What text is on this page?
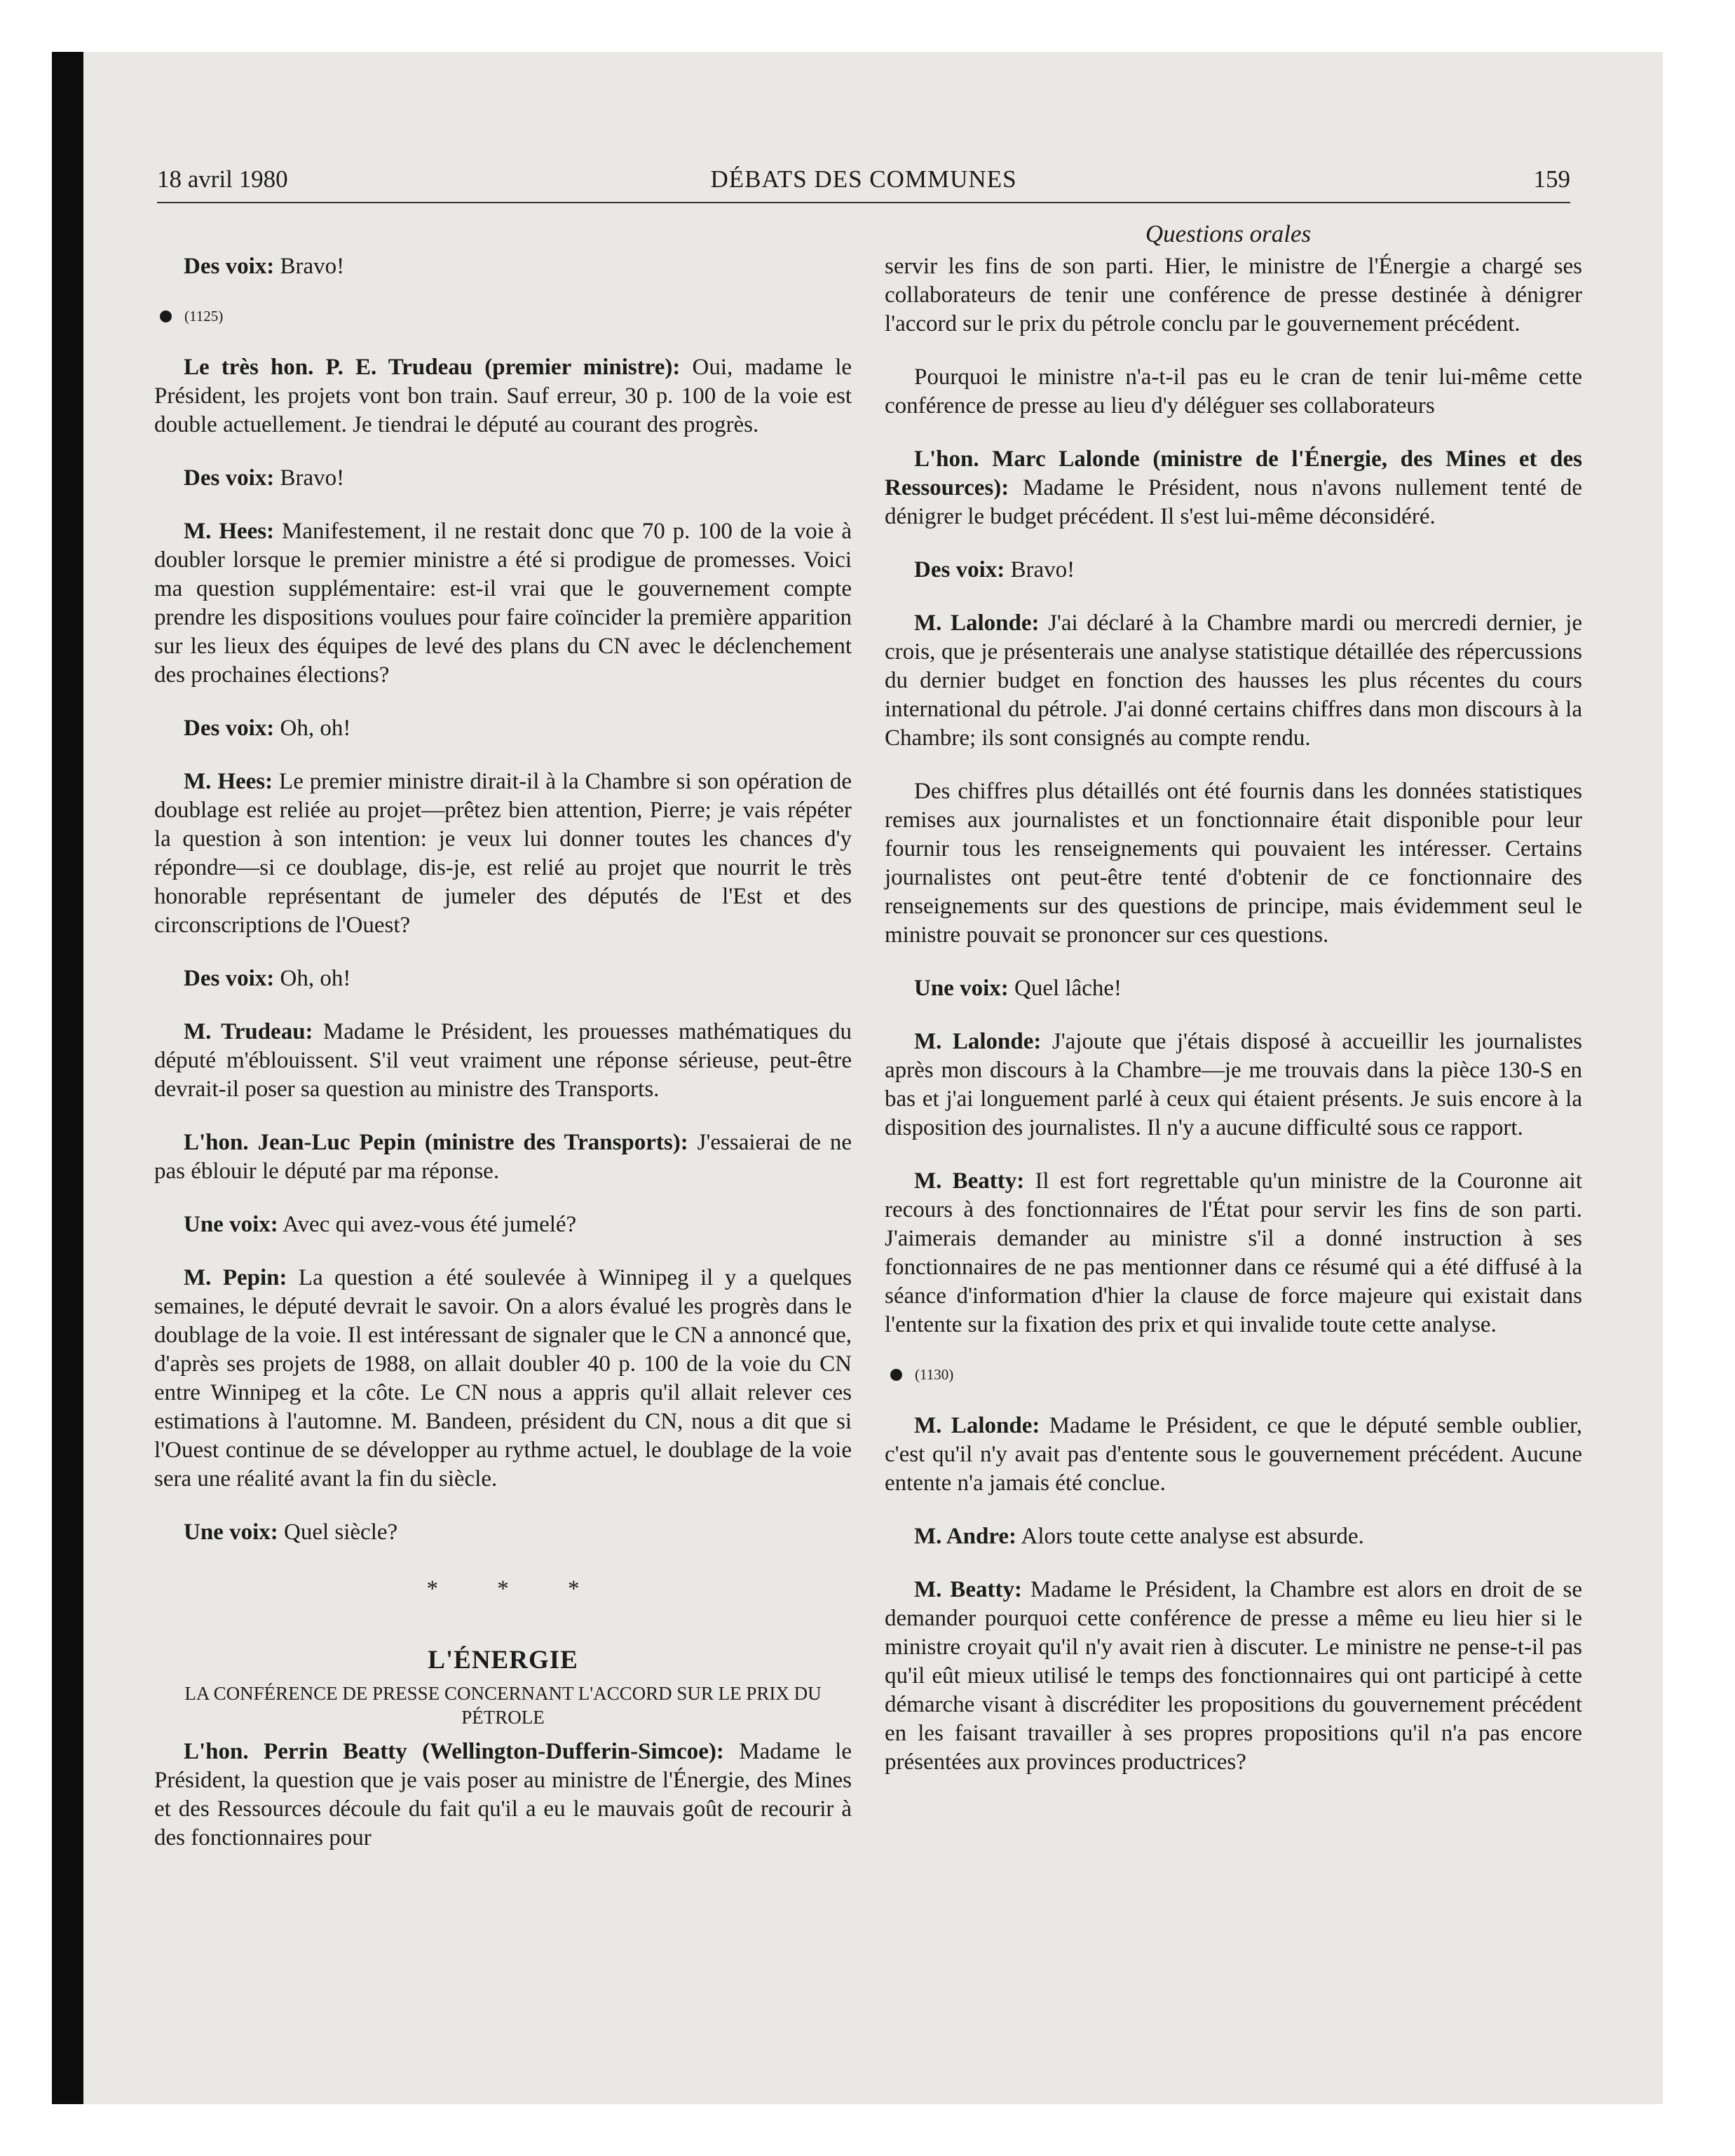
18 avril 1980	DÉBATS DES COMMUNES	159
Questions orales

Des voix: Bravo!

(1125)

Le très hon. P. E. Trudeau (premier ministre): Oui, madame le Président, les projets vont bon train. Sauf erreur, 30 p. 100 de la voie est double actuellement. Je tiendrai le député au courant des progrès.

Des voix: Bravo!

M. Hees: Manifestement, il ne restait donc que 70 p. 100 de la voie à doubler lorsque le premier ministre a été si prodigue de promesses. Voici ma question supplémentaire: est-il vrai que le gouvernement compte prendre les dispositions voulues pour faire coïncider la première apparition sur les lieux des équipes de levé des plans du CN avec le déclenchement des prochaines élections?

Des voix: Oh, oh!

M. Hees: Le premier ministre dirait-il à la Chambre si son opération de doublage est reliée au projet—prêtez bien attention, Pierre; je vais répéter la question à son intention: je veux lui donner toutes les chances d'y répondre—si ce doublage, dis-je, est relié au projet que nourrit le très honorable représentant de jumeler des députés de l'Est et des circonscriptions de l'Ouest?

Des voix: Oh, oh!

M. Trudeau: Madame le Président, les prouesses mathématiques du député m'éblouissent. S'il veut vraiment une réponse sérieuse, peut-être devrait-il poser sa question au ministre des Transports.

L'hon. Jean-Luc Pepin (ministre des Transports): J'essaierai de ne pas éblouir le député par ma réponse.

Une voix: Avec qui avez-vous été jumelé?

M. Pepin: La question a été soulevée à Winnipeg il y a quelques semaines, le député devrait le savoir. On a alors évalué les progrès dans le doublage de la voie. Il est intéressant de signaler que le CN a annoncé que, d'après ses projets de 1988, on allait doubler 40 p. 100 de la voie du CN entre Winnipeg et la côte. Le CN nous a appris qu'il allait relever ces estimations à l'automne. M. Bandeen, président du CN, nous a dit que si l'Ouest continue de se développer au rythme actuel, le doublage de la voie sera une réalité avant la fin du siècle.

Une voix: Quel siècle?

* * *
L'ÉNERGIE
LA CONFÉRENCE DE PRESSE CONCERNANT L'ACCORD SUR LE PRIX DU PÉTROLE

L'hon. Perrin Beatty (Wellington-Dufferin-Simcoe): Madame le Président, la question que je vais poser au ministre de l'Énergie, des Mines et des Ressources découle du fait qu'il a eu le mauvais goût de recourir à des fonctionnaires pour

servir les fins de son parti. Hier, le ministre de l'Énergie a chargé ses collaborateurs de tenir une conférence de presse destinée à dénigrer l'accord sur le prix du pétrole conclu par le gouvernement précédent.

Pourquoi le ministre n'a-t-il pas eu le cran de tenir lui-même cette conférence de presse au lieu d'y déléguer ses collaborateurs

L'hon. Marc Lalonde (ministre de l'Énergie, des Mines et des Ressources): Madame le Président, nous n'avons nullement tenté de dénigrer le budget précédent. Il s'est lui-même déconsidéré.

Des voix: Bravo!

M. Lalonde: J'ai déclaré à la Chambre mardi ou mercredi dernier, je crois, que je présenterais une analyse statistique détaillée des répercussions du dernier budget en fonction des hausses les plus récentes du cours international du pétrole. J'ai donné certains chiffres dans mon discours à la Chambre; ils sont consignés au compte rendu.

Des chiffres plus détaillés ont été fournis dans les données statistiques remises aux journalistes et un fonctionnaire était disponible pour leur fournir tous les renseignements qui pouvaient les intéresser. Certains journalistes ont peut-être tenté d'obtenir de ce fonctionnaire des renseignements sur des questions de principe, mais évidemment seul le ministre pouvait se prononcer sur ces questions.

Une voix: Quel lâche!

M. Lalonde: J'ajoute que j'étais disposé à accueillir les journalistes après mon discours à la Chambre—je me trouvais dans la pièce 130-S en bas et j'ai longuement parlé à ceux qui étaient présents. Je suis encore à la disposition des journalistes. Il n'y a aucune difficulté sous ce rapport.

M. Beatty: Il est fort regrettable qu'un ministre de la Couronne ait recours à des fonctionnaires de l'État pour servir les fins de son parti. J'aimerais demander au ministre s'il a donné instruction à ses fonctionnaires de ne pas mentionner dans ce résumé qui a été diffusé à la séance d'information d'hier la clause de force majeure qui existait dans l'entente sur la fixation des prix et qui invalide toute cette analyse.

(1130)

M. Lalonde: Madame le Président, ce que le député semble oublier, c'est qu'il n'y avait pas d'entente sous le gouvernement précédent. Aucune entente n'a jamais été conclue.

M. Andre: Alors toute cette analyse est absurde.

M. Beatty: Madame le Président, la Chambre est alors en droit de se demander pourquoi cette conférence de presse a même eu lieu hier si le ministre croyait qu'il n'y avait rien à discuter. Le ministre ne pense-t-il pas qu'il eût mieux utilisé le temps des fonctionnaires qui ont participé à cette démarche visant à discréditer les propositions du gouvernement précédent en les faisant travailler à ses propres propositions qu'il n'a pas encore présentées aux provinces productrices?
